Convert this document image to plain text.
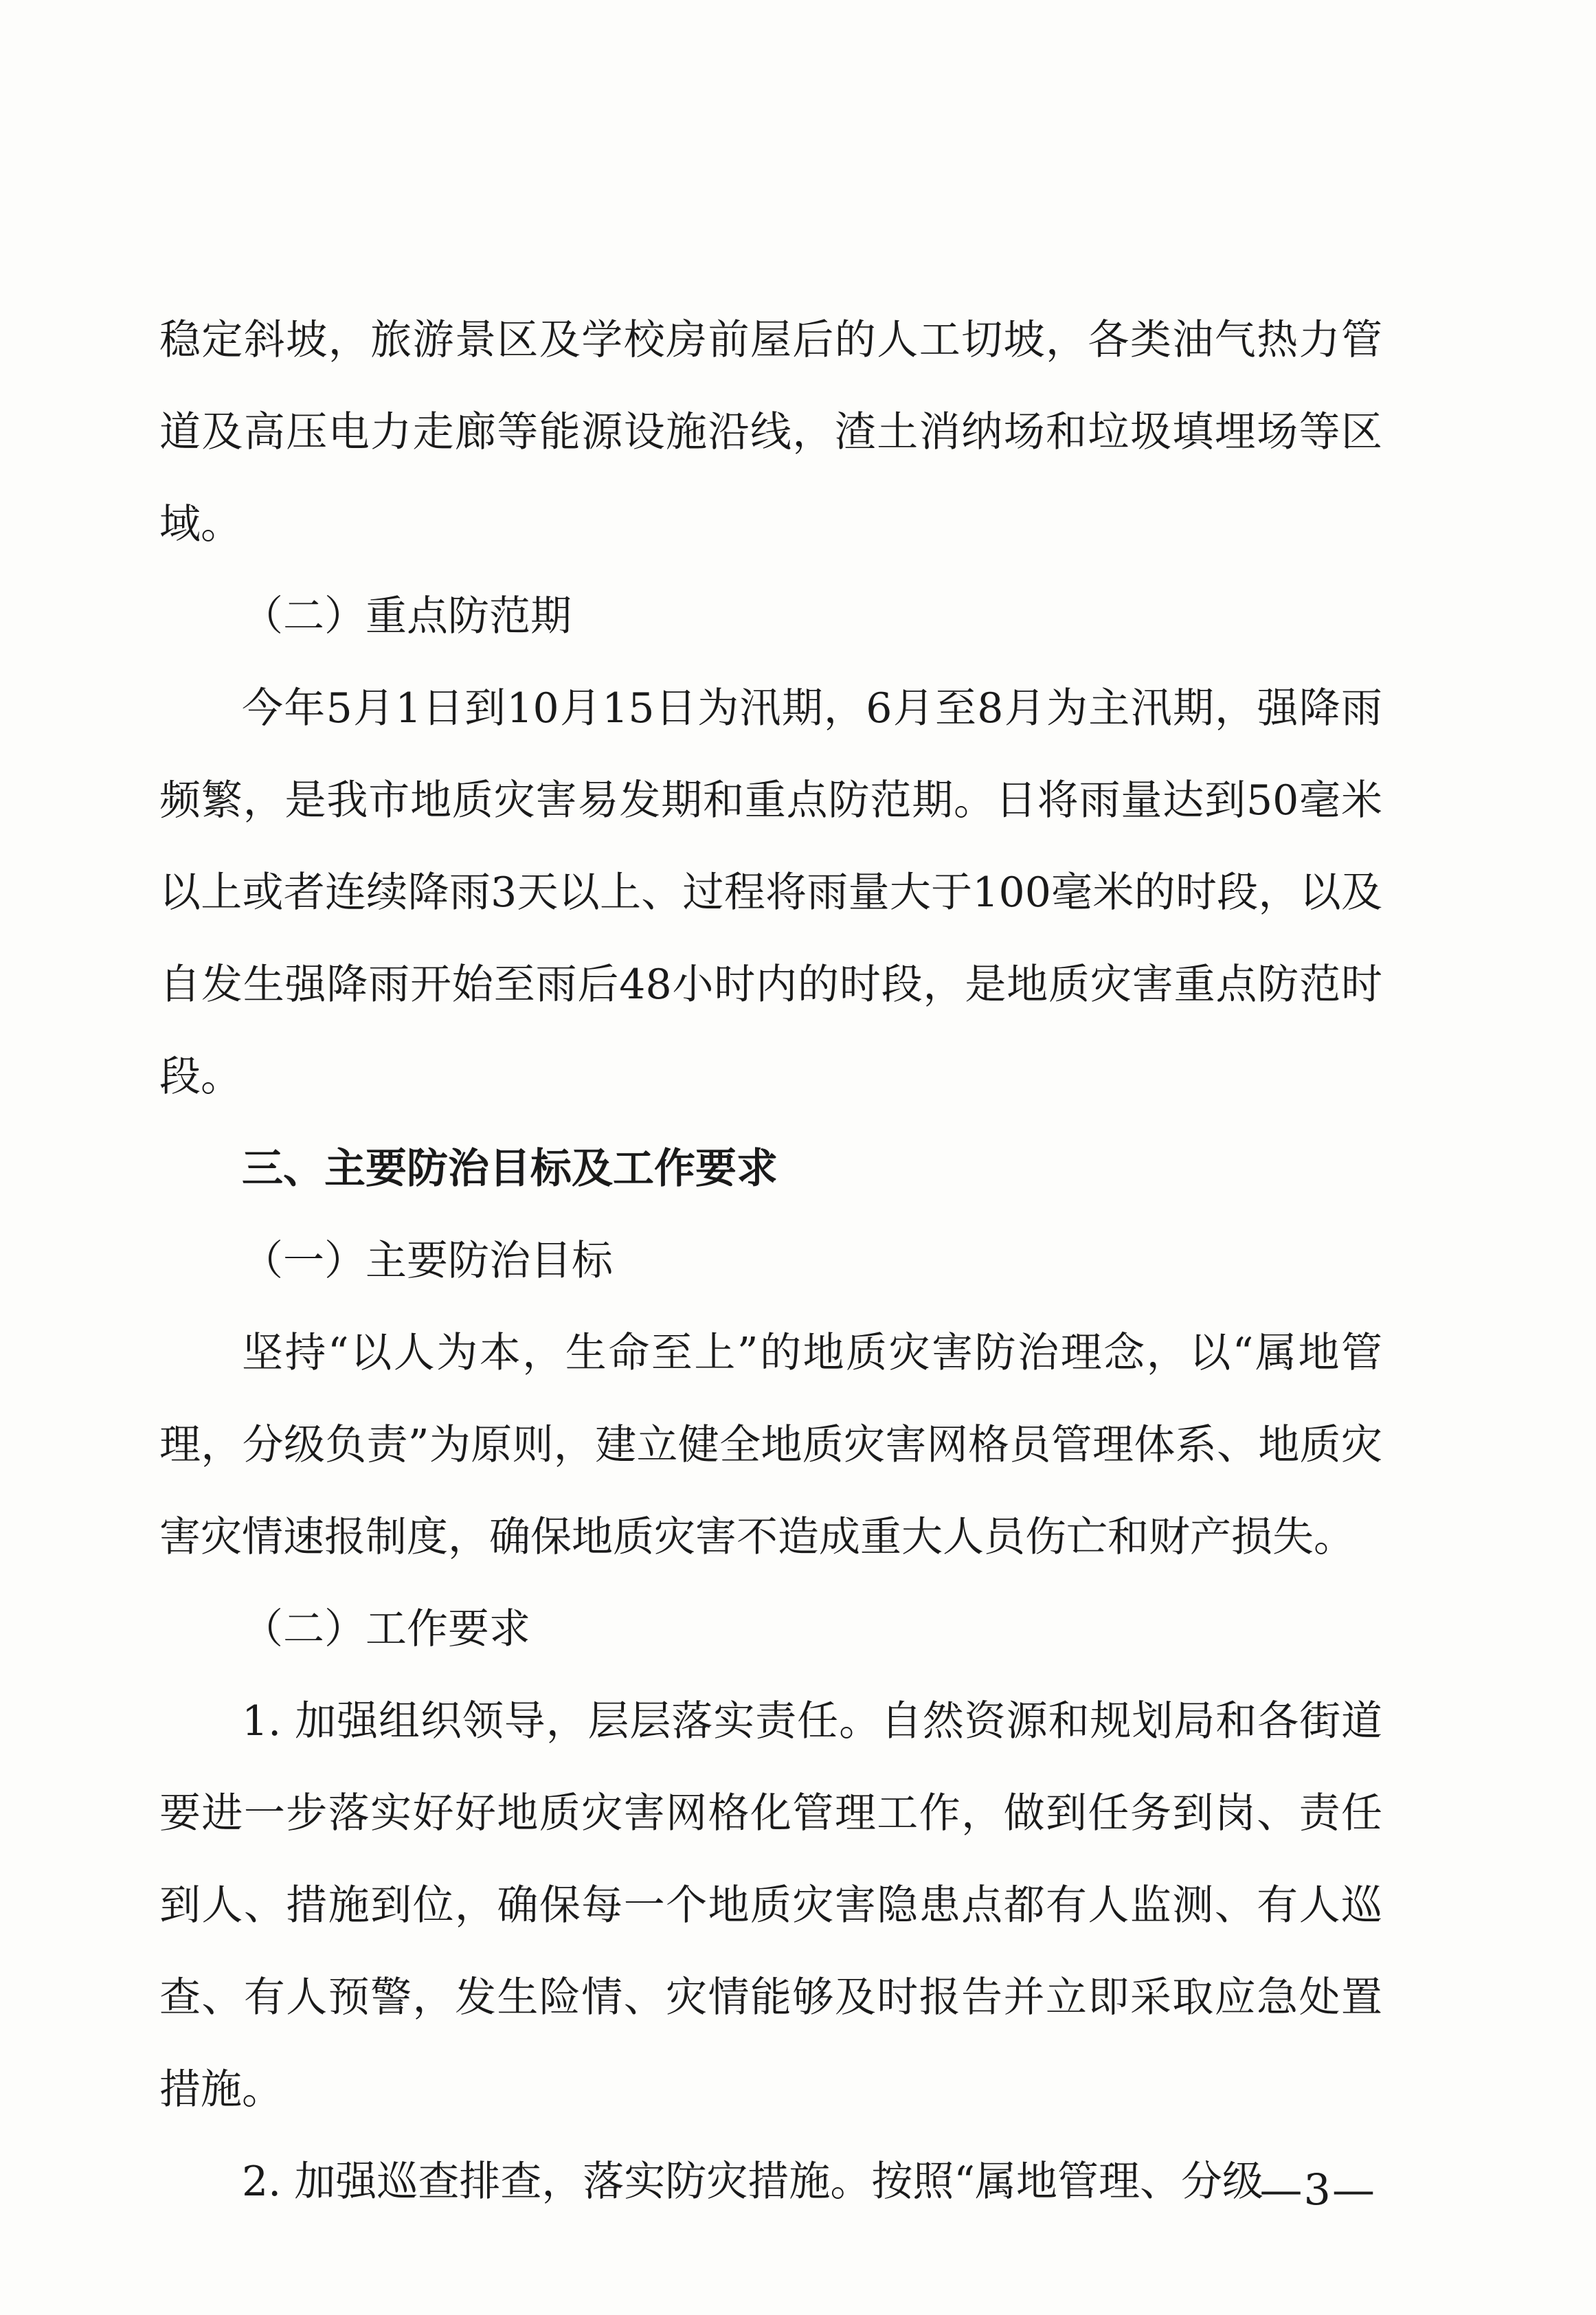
稳定斜坡，旅游景区及学校房前屋后的人工切坡，各类油气热力管道及高压电力走廊等能源设施沿线，渣土消纳场和垃圾填埋场等区域。

（二）重点防范期

今年5月1日到10月15日为汛期，6月至8月为主汛期，强降雨频繁，是我市地质灾害易发期和重点防范期。日将雨量达到50毫米以上或者连续降雨3天以上、过程将雨量大于100毫米的时段，以及自发生强降雨开始至雨后48小时内的时段，是地质灾害重点防范时段。

三、主要防治目标及工作要求

（一）主要防治目标

坚持“以人为本，生命至上”的地质灾害防治理念，以“属地管理，分级负责”为原则，建立健全地质灾害网格员管理体系、地质灾害灾情速报制度，确保地质灾害不造成重大人员伤亡和财产损失。

（二）工作要求

1. 加强组织领导，层层落实责任。自然资源和规划局和各街道要进一步落实好好地质灾害网格化管理工作，做到任务到岗、责任到人、措施到位，确保每一个地质灾害隐患点都有人监测、有人巡查、有人预警，发生险情、灾情能够及时报告并立即采取应急处置措施。

2. 加强巡查排查，落实防灾措施。按照“属地管理、分级

—3—
